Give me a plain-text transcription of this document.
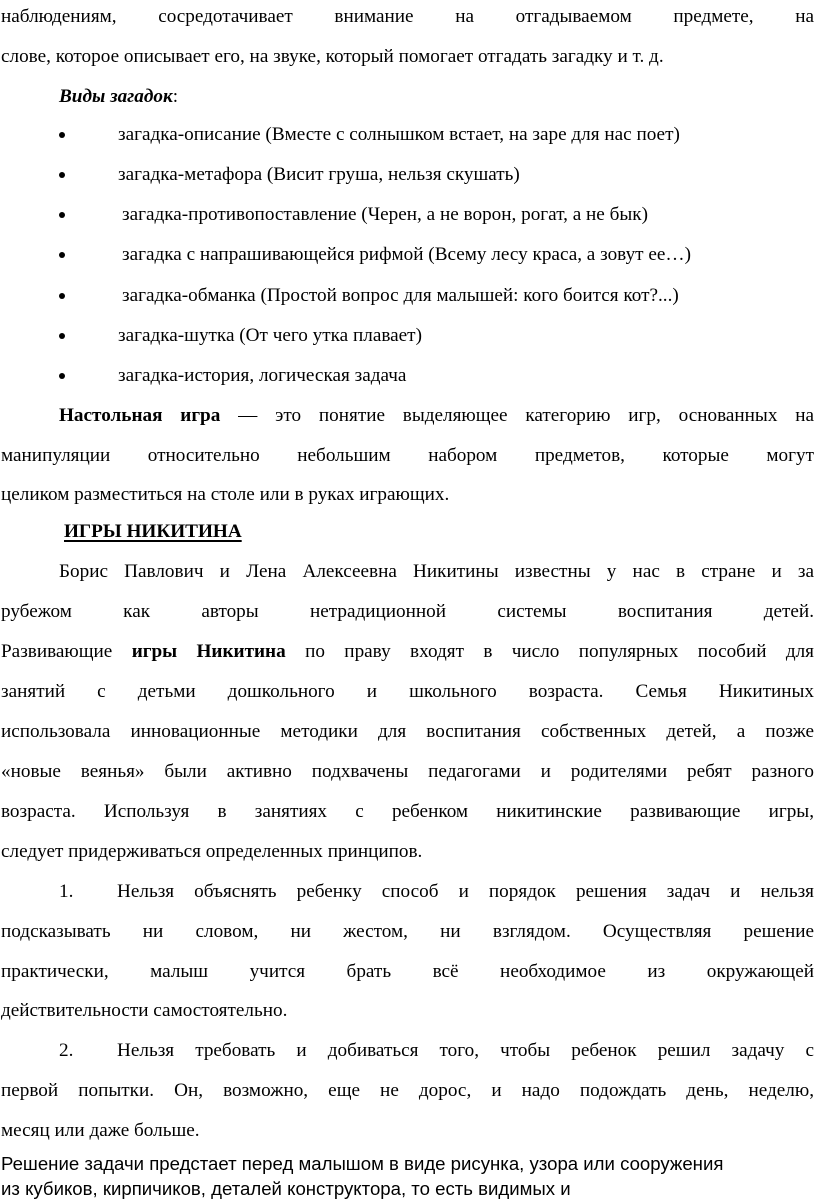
наблюдениям, сосредотачивает внимание на отгадываемом предмете, на
слове, которое описывает его, на звуке, который помогает отгадать загадку и т. д.
Виды загадок:
загадка-описание (Вместе с солнышком встает, на заре для нас поет)
загадка-метафора (Висит груша, нельзя скушать)
загадка-противопоставление (Черен, а не ворон, рогат, а не бык)
загадка с напрашивающейся рифмой (Всему лесу краса, а зовут ее…)
загадка-обманка (Простой вопрос для малышей: кого боится кот?...)
загадка-шутка (От чего утка плавает)
загадка-история, логическая задача
Настольная игра — это понятие выделяющее категорию игр, основанных на
манипуляции относительно небольшим набором предметов, которые могут
целиком разместиться на столе или в руках играющих.
ИГРЫ НИКИТИНА
Борис Павлович и Лена Алексеевна Никитины известны у нас в стране и за
рубежом как авторы нетрадиционной системы воспитания детей.
Развивающие игры Никитина по праву входят в число популярных пособий для
занятий с детьми дошкольного и школьного возраста. Семья Никитиных
использовала инновационные методики для воспитания собственных детей, а позже
«новые веянья» были активно подхвачены педагогами и родителями ребят разного
возраста. Используя в занятиях с ребенком никитинские развивающие игры,
следует придерживаться определенных принципов.
1.	Нельзя объяснять ребенку способ и порядок решения задач и нельзя
подсказывать ни словом, ни жестом, ни взглядом. Осуществляя решение
практически, малыш учится брать всё необходимое из окружающей
действительности самостоятельно.
2.	Нельзя требовать и добиваться того, чтобы ребенок решил задачу с
первой попытки. Он, возможно, еще не дорос, и надо подождать день, неделю,
месяц или даже больше.
Решение задачи предстает перед малышом в виде рисунка, узора или сооружения
из кубиков, кирпичиков, деталей конструктора, то есть видимых и
